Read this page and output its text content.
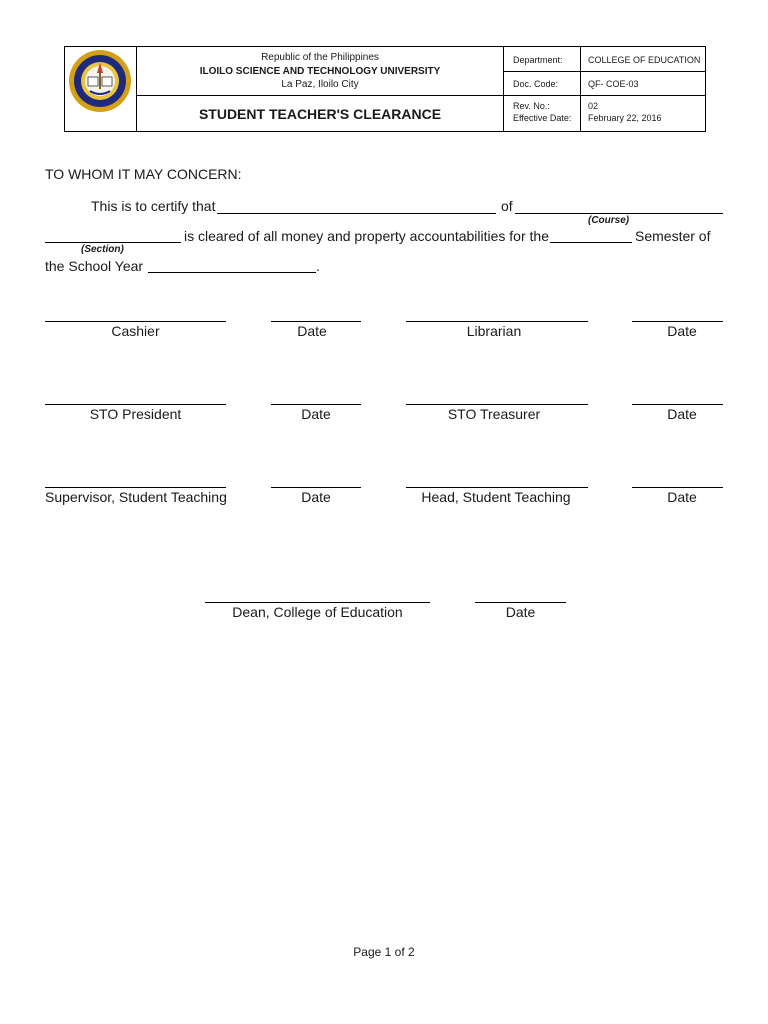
Republic of the Philippines
ILOILO SCIENCE AND TECHNOLOGY UNIVERSITY
La Paz, Iloilo City
STUDENT TEACHER'S CLEARANCE
Department:	COLLEGE OF EDUCATION
Doc. Code:	QF- COE-03
Rev. No.:	02
Effective Date: February 22, 2016
TO WHOM IT MAY CONCERN:
This is to certify that	of
(Course)
is cleared of all money and property accountabilities for the	Semester of
(Section)
the School Year	.
Cashier	Date	Librarian	Date
STO President	Date	STO Treasurer	Date
Supervisor, Student Teaching	Date	Head, Student Teaching	Date
Dean, College of Education	Date
Page 1 of 2
